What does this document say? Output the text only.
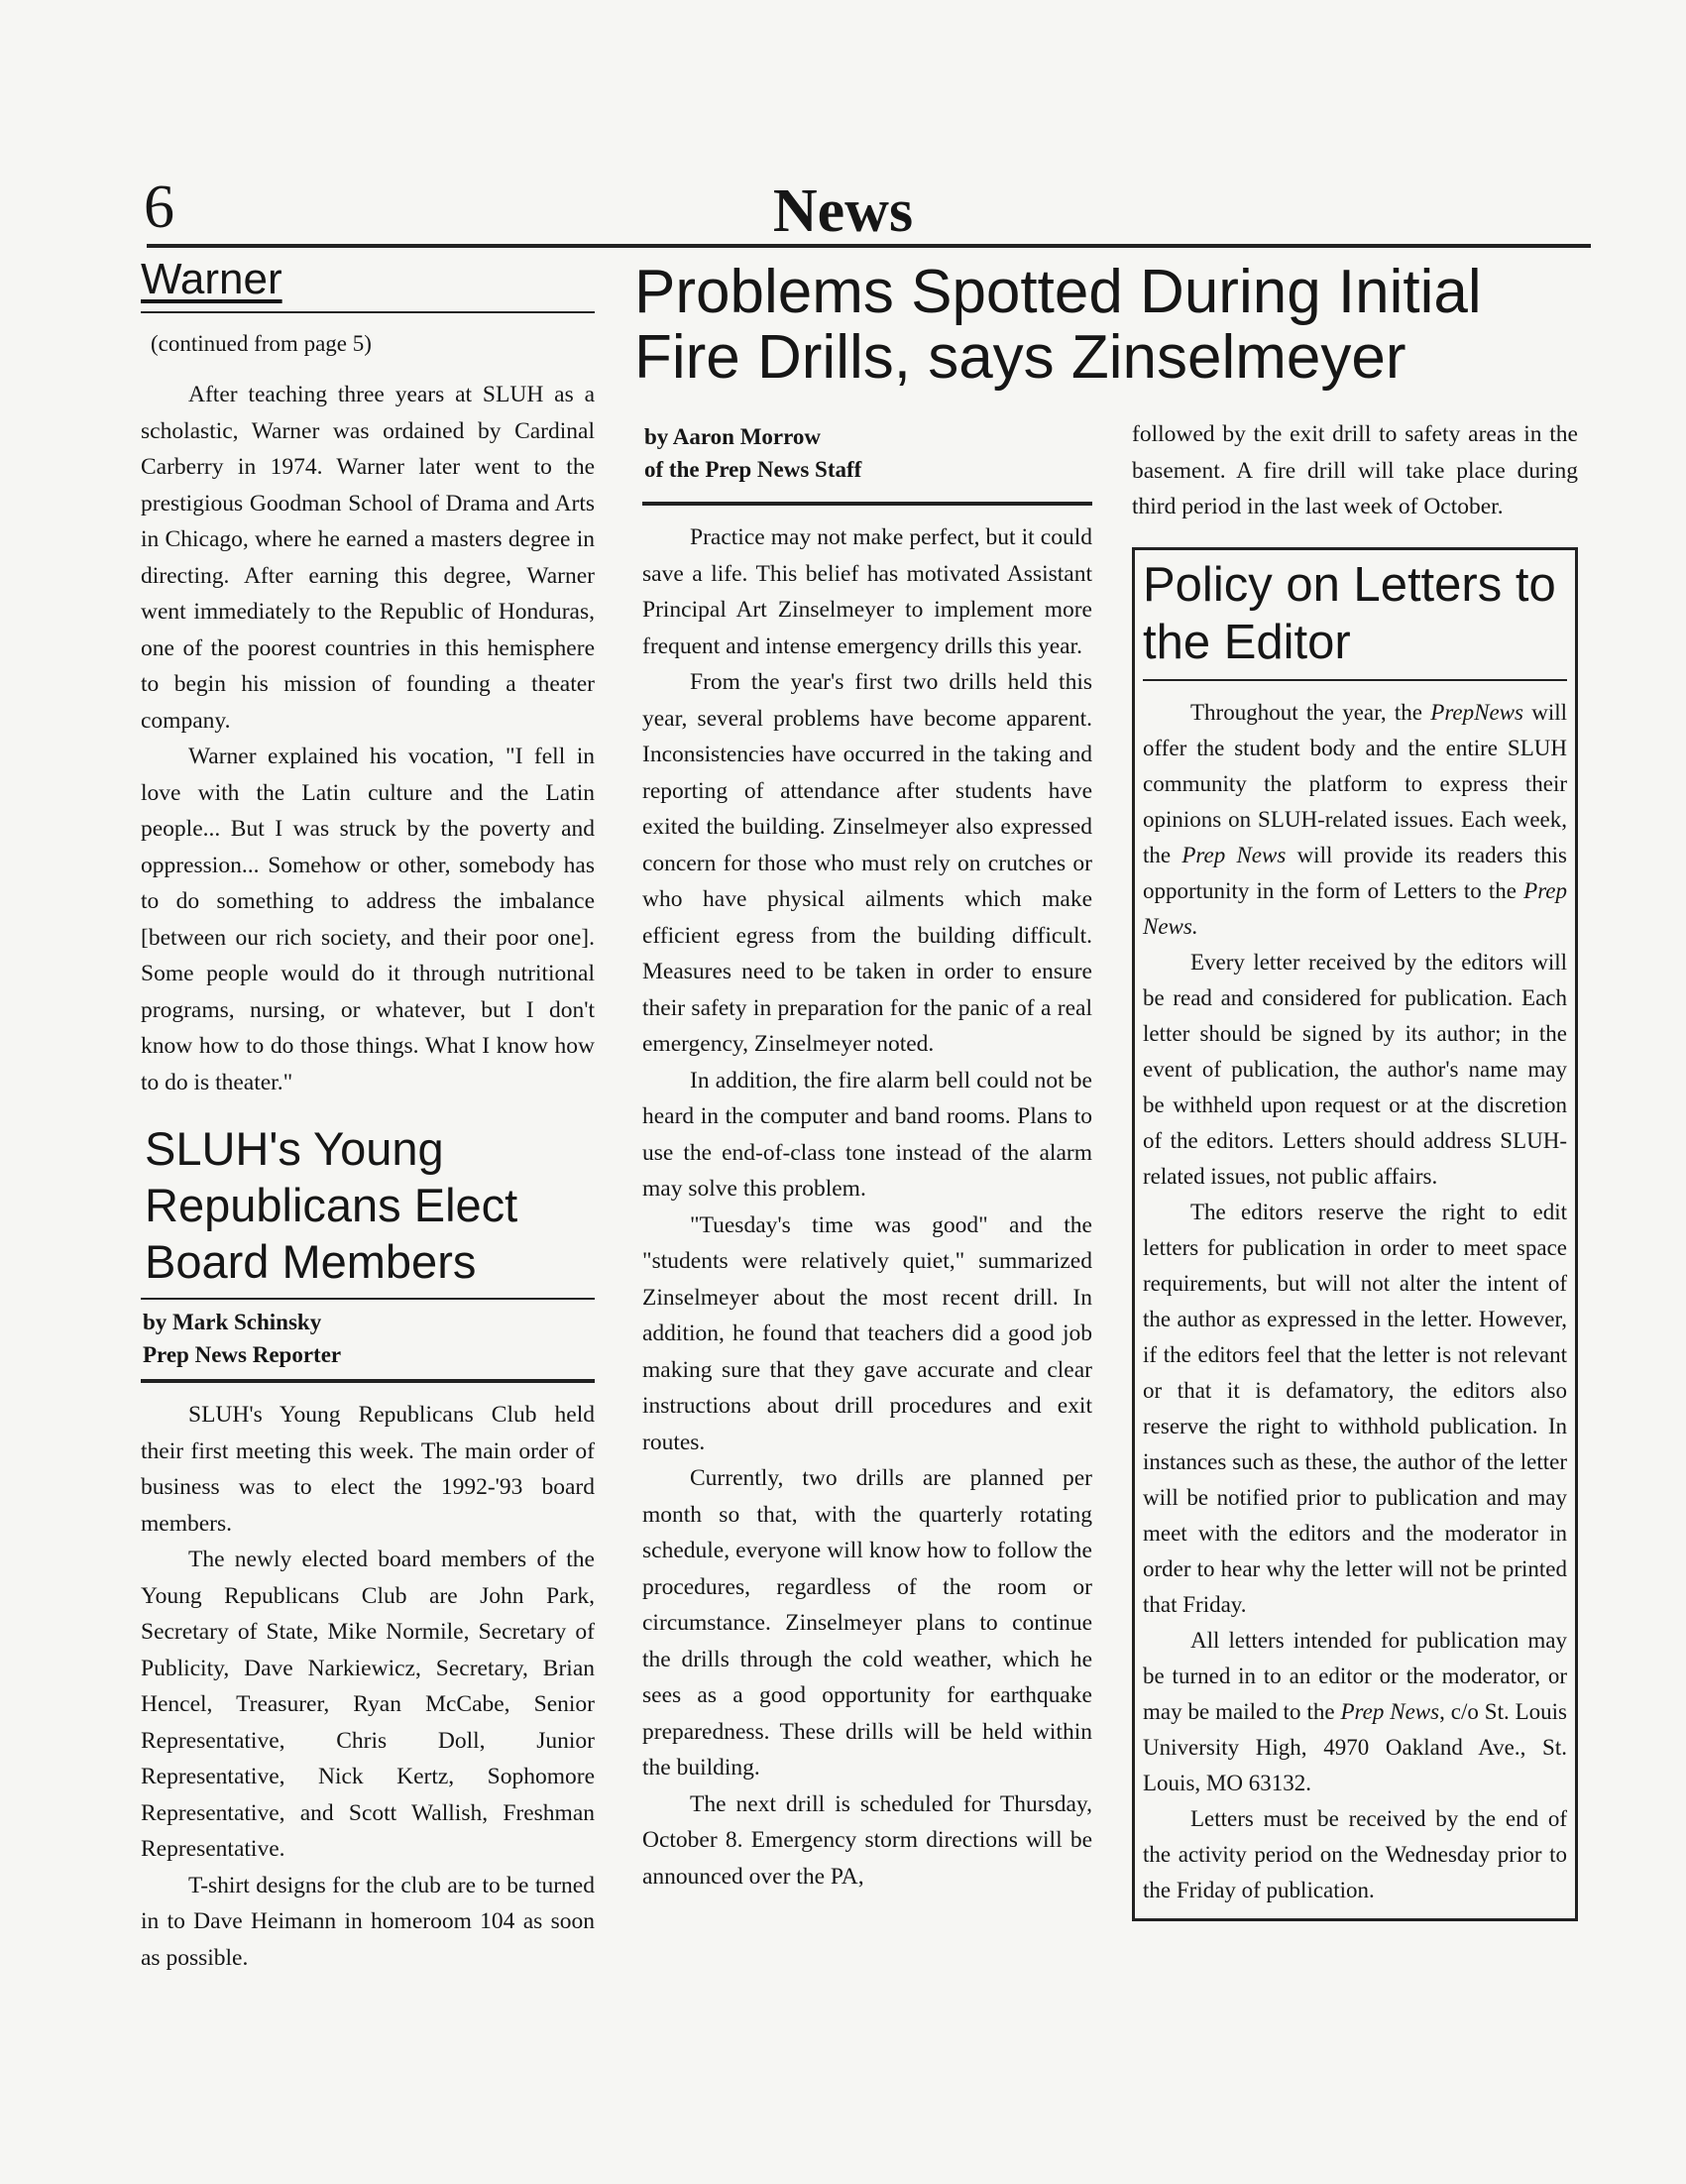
6	News
Warner
(continued from page 5)

After teaching three years at SLUH as a scholastic, Warner was ordained by Cardinal Carberry in 1974. Warner later went to the prestigious Goodman School of Drama and Arts in Chicago, where he earned a masters degree in directing. After earning this degree, Warner went immediately to the Republic of Honduras, one of the poorest countries in this hemisphere to begin his mission of founding a theater company.

Warner explained his vocation, "I fell in love with the Latin culture and the Latin people... But I was struck by the poverty and oppression... Somehow or other, somebody has to do something to address the imbalance [between our rich society, and their poor one]. Some people would do it through nutritional programs, nursing, or whatever, but I don't know how to do those things. What I know how to do is theater."

SLUH's Young Republicans Elect Board Members
by Mark Schinsky
Prep News Reporter

SLUH's Young Republicans Club held their first meeting this week. The main order of business was to elect the 1992-'93 board members.

The newly elected board members of the Young Republicans Club are John Park, Secretary of State, Mike Normile, Secretary of Publicity, Dave Narkiewicz, Secretary, Brian Hencel, Treasurer, Ryan McCabe, Senior Representative, Chris Doll, Junior Representative, Nick Kertz, Sophomore Representative, and Scott Wallish, Freshman Representative.

T-shirt designs for the club are to be turned in to Dave Heimann in homeroom 104 as soon as possible.

Problems Spotted During Initial Fire Drills, says Zinselmeyer
by Aaron Morrow
of the Prep News Staff

Practice may not make perfect, but it could save a life. This belief has motivated Assistant Principal Art Zinselmeyer to implement more frequent and intense emergency drills this year.

From the year's first two drills held this year, several problems have become apparent. Inconsistencies have occurred in the taking and reporting of attendance after students have exited the building. Zinselmeyer also expressed concern for those who must rely on crutches or who have physical ailments which make efficient egress from the building difficult. Measures need to be taken in order to ensure their safety in preparation for the panic of a real emergency, Zinselmeyer noted.

In addition, the fire alarm bell could not be heard in the computer and band rooms. Plans to use the end-of-class tone instead of the alarm may solve this problem.

"Tuesday's time was good" and the "students were relatively quiet," summarized Zinselmeyer about the most recent drill. In addition, he found that teachers did a good job making sure that they gave accurate and clear instructions about drill procedures and exit routes.

Currently, two drills are planned per month so that, with the quarterly rotating schedule, everyone will know how to follow the procedures, regardless of the room or circumstance. Zinselmeyer plans to continue the drills through the cold weather, which he sees as a good opportunity for earthquake preparedness. These drills will be held within the building.

The next drill is scheduled for Thursday, October 8. Emergency storm directions will be announced over the PA,

followed by the exit drill to safety areas in the basement. A fire drill will take place during third period in the last week of October.

Policy on Letters to the Editor

Throughout the year, the PrepNews will offer the student body and the entire SLUH community the platform to express their opinions on SLUH-related issues. Each week, the Prep News will provide its readers this opportunity in the form of Letters to the Prep News.

Every letter received by the editors will be read and considered for publication. Each letter should be signed by its author; in the event of publication, the author's name may be withheld upon request or at the discretion of the editors. Letters should address SLUH-related issues, not public affairs.

The editors reserve the right to edit letters for publication in order to meet space requirements, but will not alter the intent of the author as expressed in the letter. However, if the editors feel that the letter is not relevant or that it is defamatory, the editors also reserve the right to withhold publication. In instances such as these, the author of the letter will be notified prior to publication and may meet with the editors and the moderator in order to hear why the letter will not be printed that Friday.

All letters intended for publication may be turned in to an editor or the moderator, or may be mailed to the Prep News, c/o St. Louis University High, 4970 Oakland Ave., St. Louis, MO 63132.

Letters must be received by the end of the activity period on the Wednesday prior to the Friday of publication.
